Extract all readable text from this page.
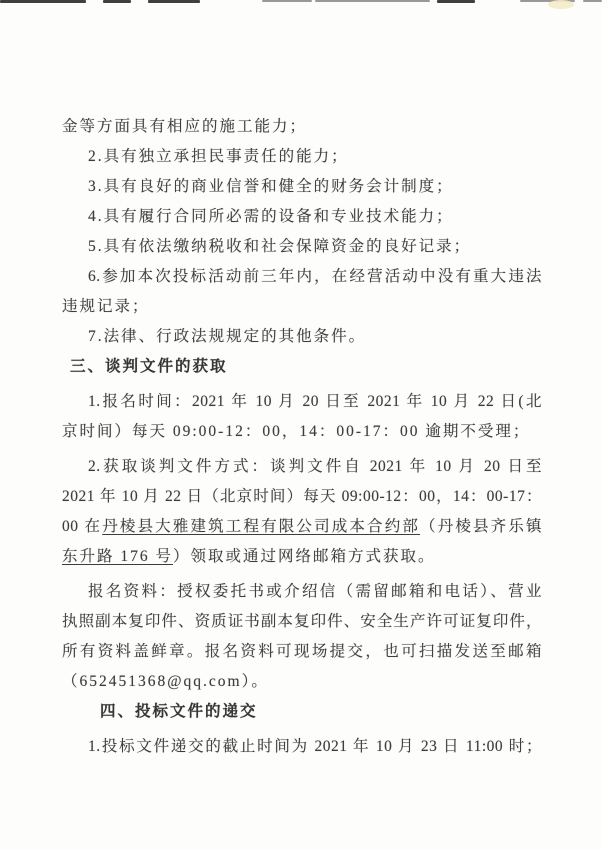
金等方面具有相应的施工能力；
2.具有独立承担民事责任的能力；
3.具有良好的商业信誉和健全的财务会计制度；
4.具有履行合同所必需的设备和专业技术能力；
5.具有依法缴纳税收和社会保障资金的良好记录；
6.参加本次投标活动前三年内，在经营活动中没有重大违法
违规记录；
7.法律、行政法规规定的其他条件。
三、谈判文件的获取
1.报名时间：2021 年 10 月 20 日至 2021 年 10 月 22 日(北
京时间）每天 09:00-12：00，14：00-17：00 逾期不受理；
2.获取谈判文件方式：谈判文件自 2021 年 10 月 20 日至
2021 年 10 月 22 日（北京时间）每天 09:00-12：00，14：00-17：
00 在丹棱县大雅建筑工程有限公司成本合约部（丹棱县齐乐镇
东升路 176 号）领取或通过网络邮箱方式获取。
报名资料：授权委托书或介绍信（需留邮箱和电话）、营业
执照副本复印件、资质证书副本复印件、安全生产许可证复印件，
所有资料盖鲜章。报名资料可现场提交，也可扫描发送至邮箱
（652451368@qq.com）。
四、投标文件的递交
1.投标文件递交的截止时间为 2021 年 10 月 23 日 11:00 时；
